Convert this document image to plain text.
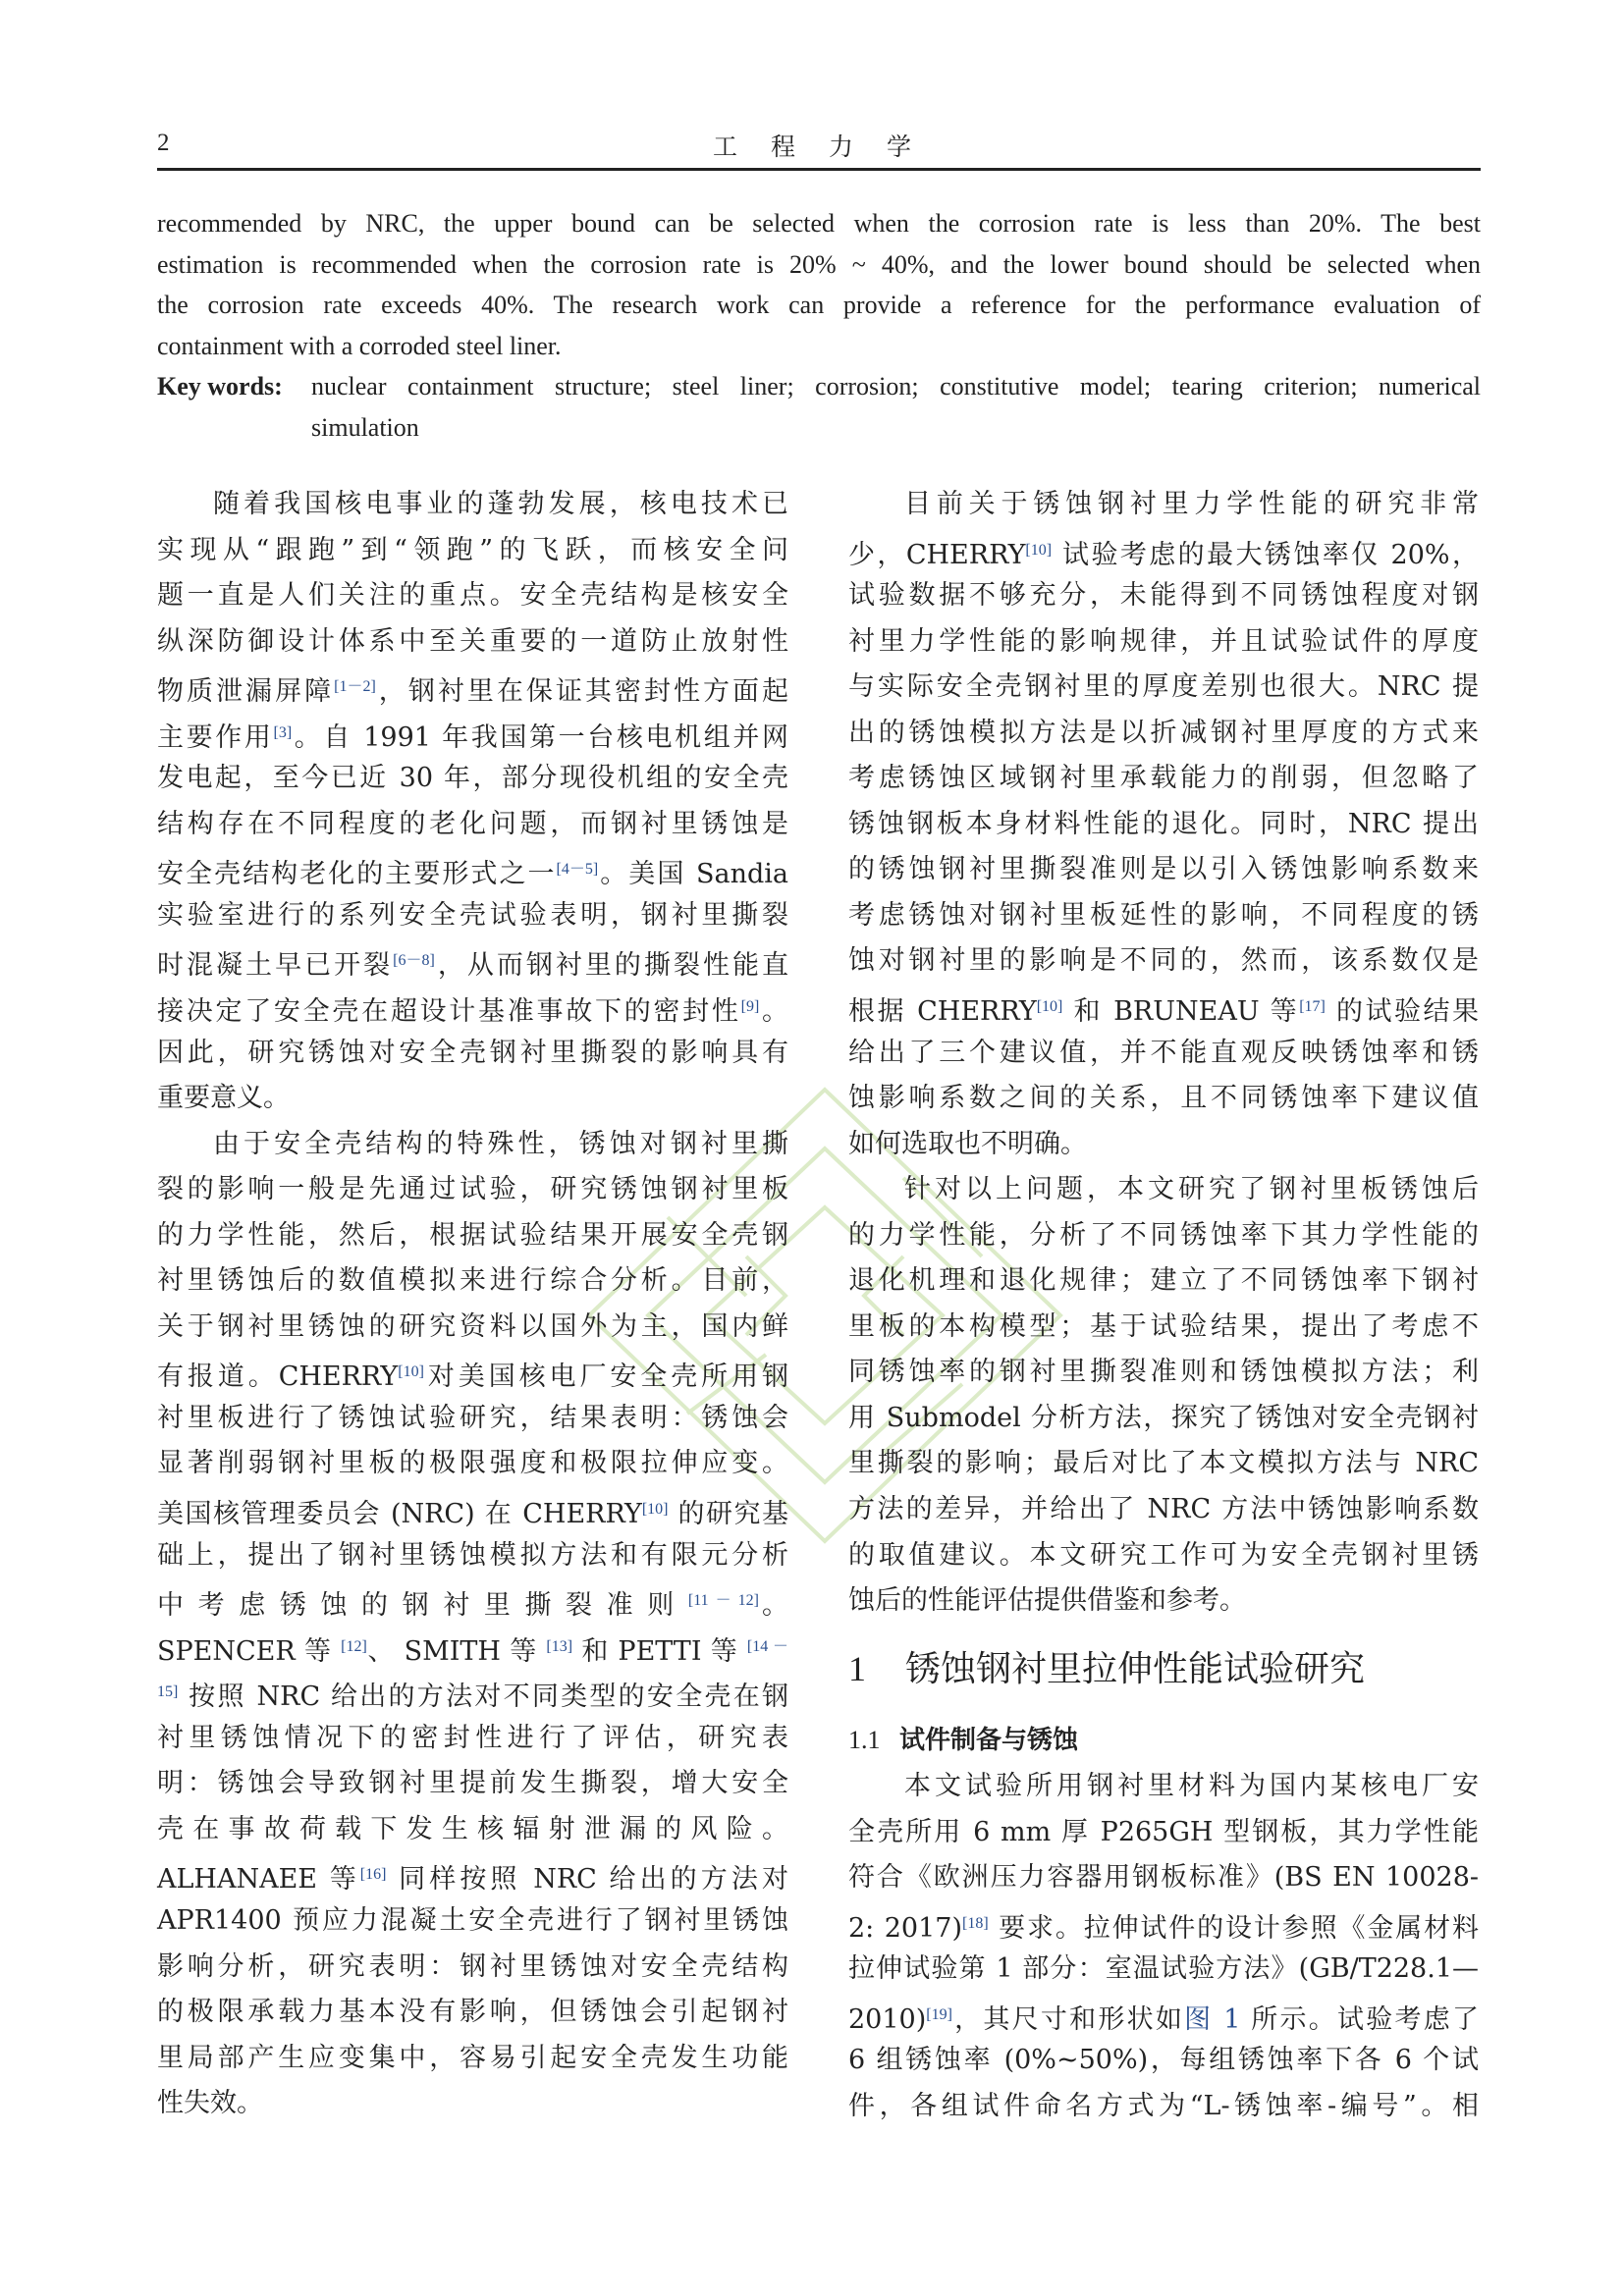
2	工程力学
recommended by NRC, the upper bound can be selected when the corrosion rate is less than 20%. The best
estimation is recommended when the corrosion rate is 20% ~ 40%, and the lower bound should be selected when
the corrosion rate exceeds 40%. The research work can provide a reference for the performance evaluation of
containment with a corroded steel liner.
Key words: nuclear containment structure; steel liner; corrosion; constitutive model; tearing criterion; numerical
simulation
随着我国核电事业的蓬勃发展，核电技术已
实现从“跟跑”到“领跑”的飞跃，而核安全问
题一直是人们关注的重点。安全壳结构是核安全
纵深防御设计体系中至关重要的一道防止放射性
物质泄漏屏障[1－2]，钢衬里在保证其密封性方面起
主要作用[3]。自 1991 年我国第一台核电机组并网
发电起，至今已近 30 年，部分现役机组的安全壳
结构存在不同程度的老化问题，而钢衬里锈蚀是
安全壳结构老化的主要形式之一[4－5]。美国 Sandia
实验室进行的系列安全壳试验表明，钢衬里撕裂
时混凝土早已开裂[6－8]，从而钢衬里的撕裂性能直
接决定了安全壳在超设计基准事故下的密封性[9]。
因此，研究锈蚀对安全壳钢衬里撕裂的影响具有
重要意义。
由于安全壳结构的特殊性，锈蚀对钢衬里撕
裂的影响一般是先通过试验，研究锈蚀钢衬里板
的力学性能，然后，根据试验结果开展安全壳钢
衬里锈蚀后的数值模拟来进行综合分析。目前，
关于钢衬里锈蚀的研究资料以国外为主，国内鲜
有报道。CHERRY[10]对美国核电厂安全壳所用钢
衬里板进行了锈蚀试验研究，结果表明：锈蚀会
显著削弱钢衬里板的极限强度和极限拉伸应变。
美国核管理委员会 (NRC) 在 CHERRY[10] 的研究基
础上，提出了钢衬里锈蚀模拟方法和有限元分析
中 考 虑 锈 蚀 的 钢 衬 里 撕 裂 准 则 [11 － 12]。
SPENCER 等 [12]、 SMITH 等 [13] 和 PETTI 等 $^{[14 -}$
$^{15]}$ 按照 NRC 给出的方法对不同类型的安全壳在钢
衬里锈蚀情况下的密封性进行了评估，研究表
明：锈蚀会导致钢衬里提前发生撕裂，增大安全
壳在事故荷载下发生核辐射泄漏的风险。
ALHANAEE 等[16] 同样按照 NRC 给出的方法对
APR1400 预应力混凝土安全壳进行了钢衬里锈蚀
影响分析，研究表明：钢衬里锈蚀对安全壳结构
的极限承载力基本没有影响，但锈蚀会引起钢衬
里局部产生应变集中，容易引起安全壳发生功能
性失效。
目前关于锈蚀钢衬里力学性能的研究非常
少，CHERRY[10] 试验考虑的最大锈蚀率仅 20%，
试验数据不够充分，未能得到不同锈蚀程度对钢
衬里力学性能的影响规律，并且试验试件的厚度
与实际安全壳钢衬里的厚度差别也很大。NRC 提
出的锈蚀模拟方法是以折减钢衬里厚度的方式来
考虑锈蚀区域钢衬里承载能力的削弱，但忽略了
锈蚀钢板本身材料性能的退化。同时，NRC 提出
的锈蚀钢衬里撕裂准则是以引入锈蚀影响系数来
考虑锈蚀对钢衬里板延性的影响，不同程度的锈
蚀对钢衬里的影响是不同的，然而，该系数仅是
根据 CHERRY[10] 和 BRUNEAU 等[17] 的试验结果
给出了三个建议值，并不能直观反映锈蚀率和锈
蚀影响系数之间的关系，且不同锈蚀率下建议值
如何选取也不明确。
针对以上问题，本文研究了钢衬里板锈蚀后
的力学性能，分析了不同锈蚀率下其力学性能的
退化机理和退化规律；建立了不同锈蚀率下钢衬
里板的本构模型；基于试验结果，提出了考虑不
同锈蚀率的钢衬里撕裂准则和锈蚀模拟方法；利
用 Submodel 分析方法，探究了锈蚀对安全壳钢衬
里撕裂的影响；最后对比了本文模拟方法与 NRC
方法的差异，并给出了 NRC 方法中锈蚀影响系数
的取值建议。本文研究工作可为安全壳钢衬里锈
蚀后的性能评估提供借鉴和参考。
1 锈蚀钢衬里拉伸性能试验研究
1.1 试件制备与锈蚀
本文试验所用钢衬里材料为国内某核电厂安
全壳所用 6 mm 厚 P265GH 型钢板，其力学性能
符合《欧洲压力容器用钢板标准》(BS EN 10028-
2: 2017)[18] 要求。拉伸试件的设计参照《金属材料
拉伸试验第 1 部分：室温试验方法》(GB/T228.1—
2010)[19]，其尺寸和形状如图 1 所示。试验考虑了
6 组锈蚀率 (0%~50%)，每组锈蚀率下各 6 个试
件，各组试件命名方式为“L-锈蚀率-编号”。相
